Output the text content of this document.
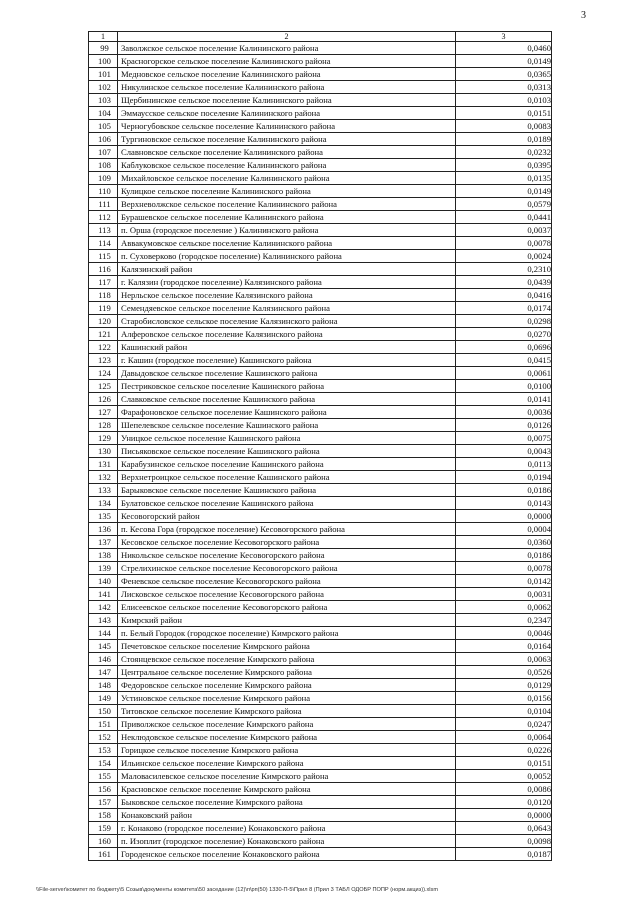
3
1	2	3
99	Заволжское сельское поселение Калининского района	0,0460
100	Красногорское сельское поселение Калининского района	0,0149
101	Медновское сельское поселение Калининского района	0,0365
102	Никулинское сельское поселение Калининского района	0,0313
103	Щербининское сельское поселение Калининского района	0,0103
104	Эммаусское сельское поселение Калининского района	0,0151
105	Черногубовское сельское поселение Калининского района	0,0083
106	Тургиновское сельское поселение Калининского района	0,0189
107	Славновское сельское поселение Калининского района	0,0232
108	Каблуковское сельское поселение Калининского района	0,0395
109	Михайловское сельское поселение Калининского района	0,0135
110	Кулицкое сельское поселение Калининского района	0,0149
111	Верхневолжское сельское поселение Калининского района	0,0579
112	Бурашевское сельское поселение Калининского района	0,0441
113	п. Орша (городское поселение ) Калининского района	0,0037
114	Аввакумовское сельское поселение Калининского района	0,0078
115	п. Суховерково (городское поселение) Калининского района	0,0024
116	Калязинский район	0,2310
117	г. Калязин (городское поселение) Калязинского района	0,0439
118	Нерльское сельское поселение Калязинского района	0,0416
119	Семендяевское сельское поселение Калязинского района	0,0174
120	Старобисловское сельское поселение Калязинского района	0,0298
121	Алферовское сельское поселение Калязинского района	0,0270
122	Кашинский район	0,0696
123	г. Кашин (городское поселение) Кашинского района	0,0415
124	Давыдовское сельское поселение Кашинского района	0,0061
125	Пестриковское сельское поселение Кашинского района	0,0100
126	Славковское сельское поселение Кашинского района	0,0141
127	Фарафоновское сельское поселение Кашинского района	0,0036
128	Шепелевское сельское поселение Кашинского района	0,0126
129	Уницкое сельское поселение Кашинского района	0,0075
130	Письяковское сельское поселение Кашинского района	0,0043
131	Карабузинское сельское поселение Кашинского района	0,0113
132	Верхнетроицкое сельское поселение Кашинского района	0,0194
133	Барыковское сельское поселение Кашинского района	0,0186
134	Булатовское сельское поселение Кашинского района	0,0143
135	Кесовогорский район	0,0000
136	п. Кесова Гора (городское поселение) Кесовогорского района	0,0004
137	Кесовское сельское поселение Кесовогорского района	0,0360
138	Никольское сельское поселение Кесовогорского района	0,0186
139	Стрелихинское сельское поселение Кесовогорского района	0,0078
140	Феневское сельское поселение Кесовогорского района	0,0142
141	Лисковское сельское поселение Кесовогорского района	0,0031
142	Елисеевское сельское поселение Кесовогорского района	0,0062
143	Кимрский район	0,2347
144	п. Белый Городок (городское поселение) Кимрского района	0,0046
145	Печетовское сельское поселение Кимрского района	0,0164
146	Стоянцевское сельское поселение Кимрского района	0,0063
147	Центральное сельское поселение Кимрского района	0,0526
148	Федоровское сельское поселение Кимрского района	0,0129
149	Устиновское сельское поселение Кимрского района	0,0156
150	Титовское сельское поселение Кимрского района	0,0104
151	Приволжское сельское поселение Кимрского района	0,0247
152	Неклюдовское сельское поселение Кимрского района	0,0064
153	Горицкое сельское поселение Кимрского района	0,0226
154	Ильинское сельское поселение Кимрского района	0,0151
155	Маловасилевское сельское поселение Кимрского района	0,0052
156	Красновское сельское поселение Кимрского района	0,0086
157	Быковское сельское поселение Кимрского района	0,0120
158	Конаковский район	0,0000
159	г. Конаково (городское поселение) Конаковского района	0,0643
160	п. Изоплит (городское поселение) Конаковского района	0,0098
161	Городенское сельское поселение Конаковского района	0,0187
\\File-server\комитет по бюджету\5 Созыв\документы комитета\50 заседание (12)\п\рп(50) 1330-П-5\Прил 8 (Прил 3 ТАБЛ ОДОБР ПОПР (норм.акциз)).xlsm
